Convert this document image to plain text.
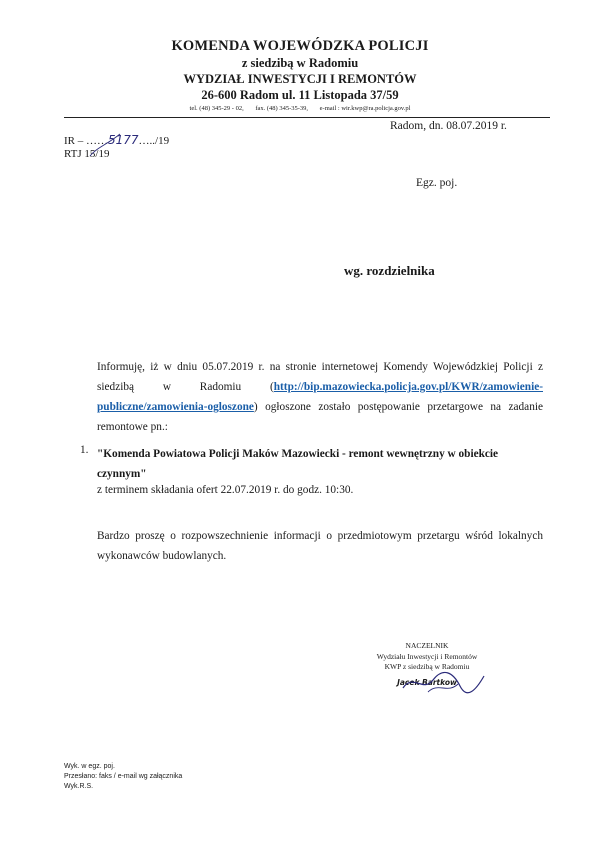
KOMENDA WOJEWÓDZKA POLICJI
z siedzibą w Radomiu
WYDZIAŁ INWESTYCJI I REMONTÓW
26-600 Radom ul. 11 Listopada 37/59
tel. (48) 345-29 - 02, fax. (48) 345-35-39, e-mail : wir.kwp@ra.policja.gov.pl
Radom, dn. 08.07.2019 r.
IR – ……5177…../19
RTJ 15/19
Egz. poj.
wg. rozdzielnika
Informuję, iż w dniu 05.07.2019 r. na stronie internetowej Komendy Wojewódzkiej Policji z siedzibą w Radomiu (http://bip.mazowiecka.policja.gov.pl/KWR/zamowienie-publiczne/zamowienia-ogloszone) ogłoszone zostało postępowanie przetargowe na zadanie remontowe pn.:
1. "Komenda Powiatowa Policji Maków Mazowiecki - remont wewnętrzny w obiekcie czynnym"
z terminem składania ofert 22.07.2019 r. do godz. 10:30.
Bardzo proszę o rozpowszechnienie informacji o przedmiotowym przetargu wśród lokalnych wykonawców budowlanych.
NACZELNIK
Wydziału Inwestycji i Remontów
KWP z siedzibą w Radomiu
Jacek Bartkow
Wyk. w egz. poj.
Przesłano: faks / e-mail wg załącznika
Wyk.R.S.
